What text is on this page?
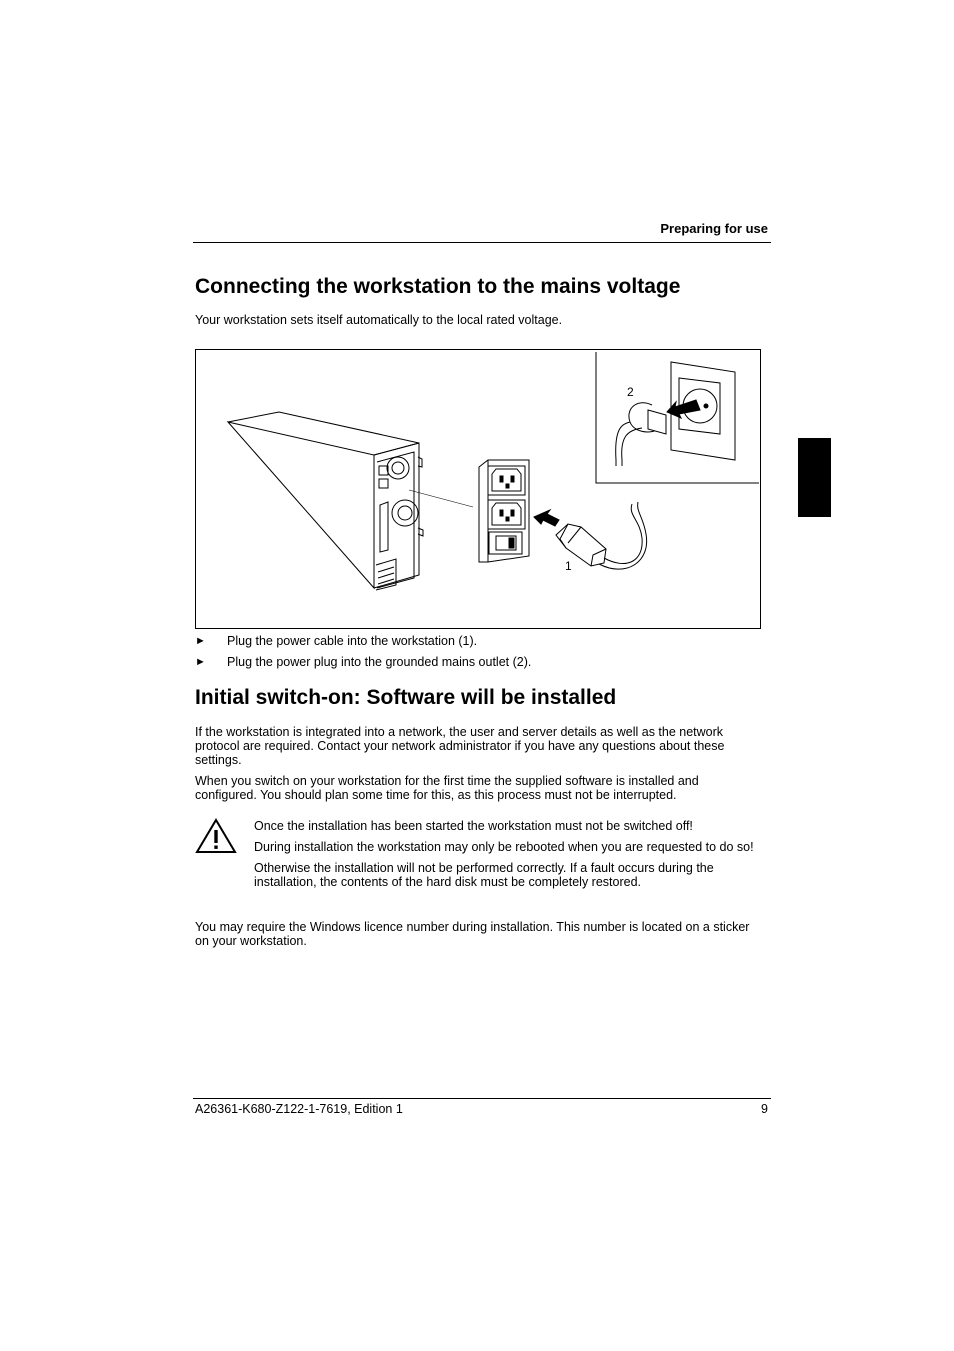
Preparing for use
Connecting the workstation to the mains voltage

Your workstation sets itself automatically to the local rated voltage.

1
2
►	Plug the power cable into the workstation (1).
►	Plug the power plug into the grounded mains outlet (2).
Initial switch-on: Software will be installed

If the workstation is integrated into a network, the user and server details as well as the network protocol are required. Contact your network administrator if you have any questions about these settings.

When you switch on your workstation for the first time the supplied software is installed and configured. You should plan some time for this, as this process must not be interrupted.

Once the installation has been started the workstation must not be switched off!

During installation the workstation may only be rebooted when you are requested to do so!

Otherwise the installation will not be performed correctly. If a fault occurs during the installation, the contents of the hard disk must be completely restored.

You may require the Windows licence number during installation. This number is located on a sticker on your workstation.

A26361-K680-Z122-1-7619, Edition 1	9
